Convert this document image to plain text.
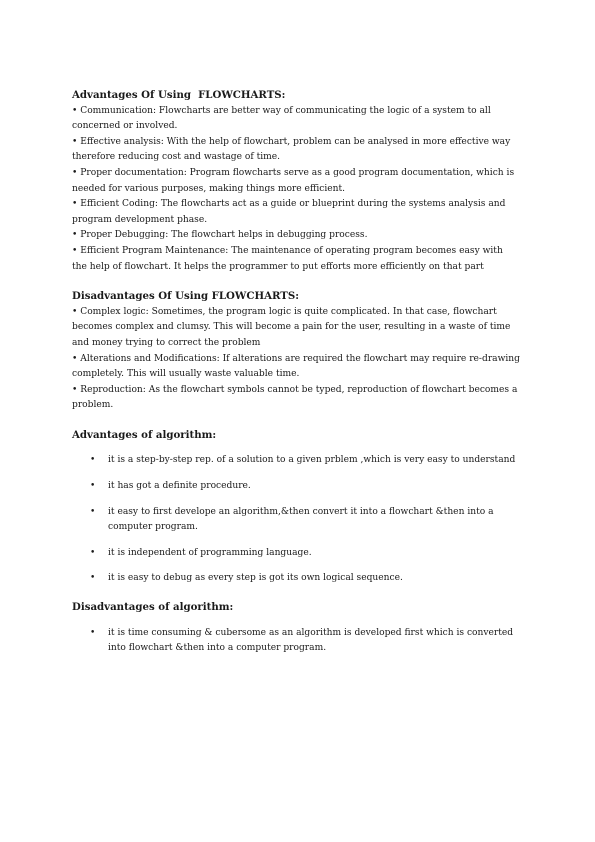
Advantages Of Using  FLOWCHARTS:

• Communication: Flowcharts are better way of communicating the logic of a system to all concerned or involved.

• Effective analysis: With the help of flowchart, problem can be analysed in more effective way therefore reducing cost and wastage of time.

• Proper documentation: Program flowcharts serve as a good program documentation, which is needed for various purposes, making things more efficient.

• Efficient Coding: The flowcharts act as a guide or blueprint during the systems analysis and program development phase.

• Proper Debugging: The flowchart helps in debugging process.

• Efficient Program Maintenance: The maintenance of operating program becomes easy with the help of flowchart. It helps the programmer to put efforts more efficiently on that part

Disadvantages Of Using FLOWCHARTS:

• Complex logic: Sometimes, the program logic is quite complicated. In that case, flowchart becomes complex and clumsy. This will become a pain for the user, resulting in a waste of time and money trying to correct the problem

• Alterations and Modifications: If alterations are required the flowchart may require re-drawing completely. This will usually waste valuable time.

• Reproduction: As the flowchart symbols cannot be typed, reproduction of flowchart becomes a problem.

Advantages of algorithm:
• it is a step-by-step rep. of a solution to a given prblem ,which is very easy to understand
• it has got a definite procedure.
• it easy to first develope an algorithm,&then convert it into a flowchart &then into a computer program.
• it is independent of programming language.
• it is easy to debug as every step is got its own logical sequence.
Disadvantages of algorithm:
• it is time consuming & cubersome as an algorithm is developed first which is converted into flowchart &then into a computer program.
